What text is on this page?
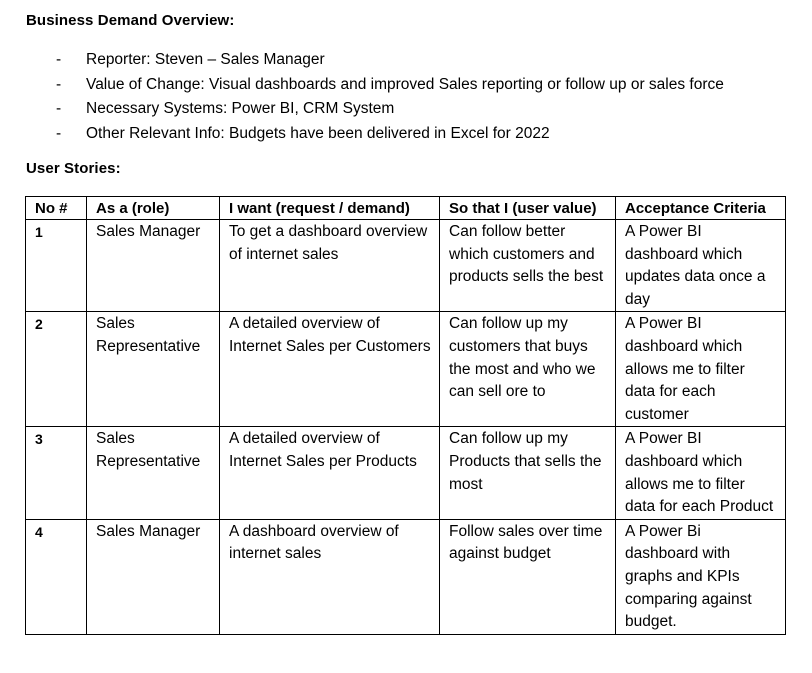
Business Demand Overview:
- Reporter: Steven – Sales Manager
- Value of Change: Visual dashboards and improved Sales reporting or follow up or sales force
- Necessary Systems: Power BI, CRM System
- Other Relevant Info: Budgets have been delivered in Excel for 2022
User Stories:
No #	As a (role)	I want (request / demand)	So that I (user value)	Acceptance Criteria
1	Sales Manager	To get a dashboard overview of internet sales	Can follow better which customers and products sells the best	A Power BI dashboard which updates data once a day
2	Sales Representative	A detailed overview of Internet Sales per Customers	Can follow up my customers that buys the most and who we can sell ore to	A Power BI dashboard which allows me to filter data for each customer
3	Sales Representative	A detailed overview of Internet Sales per Products	Can follow up my Products that sells the most	A Power BI dashboard which allows me to filter data for each Product
4	Sales Manager	A dashboard overview of internet sales	Follow sales over time against budget	A Power Bi dashboard with graphs and KPIs comparing against budget.
